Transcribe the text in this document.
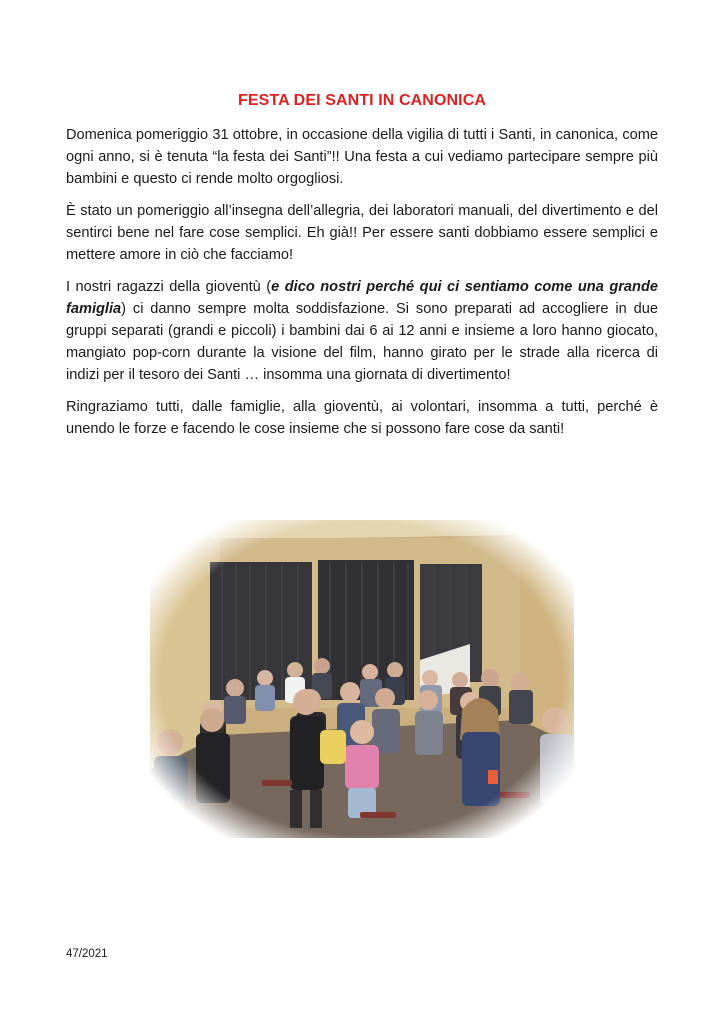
FESTA DEI SANTI IN CANONICA

Domenica pomeriggio 31 ottobre, in occasione della vigilia di tutti i Santi, in canonica, come ogni anno, si è tenuta “la festa dei Santi”!! Una festa a cui vediamo partecipare sempre più bambini e questo ci rende molto orgogliosi.

È stato un pomeriggio all’insegna dell’allegria, dei laboratori manuali, del divertimento e del sentirci bene nel fare cose semplici. Eh già!! Per essere santi dobbiamo essere semplici e mettere amore in ciò che facciamo!

I nostri ragazzi della gioventù (e dico nostri perché qui ci sentiamo come una grande famiglia) ci danno sempre molta soddisfazione. Si sono preparati ad accogliere in due gruppi separati (grandi e piccoli) i bambini dai 6 ai 12 anni e insieme a loro hanno giocato, mangiato pop-corn durante la visione del film, hanno girato per le strade alla ricerca di indizi per il tesoro dei Santi … insomma una giornata di divertimento!

Ringraziamo tutti, dalle famiglie, alla gioventù, ai volontari, insomma a tutti, perché è unendo le forze e facendo le cose insieme che si possono fare cose da santi!

47/2021
